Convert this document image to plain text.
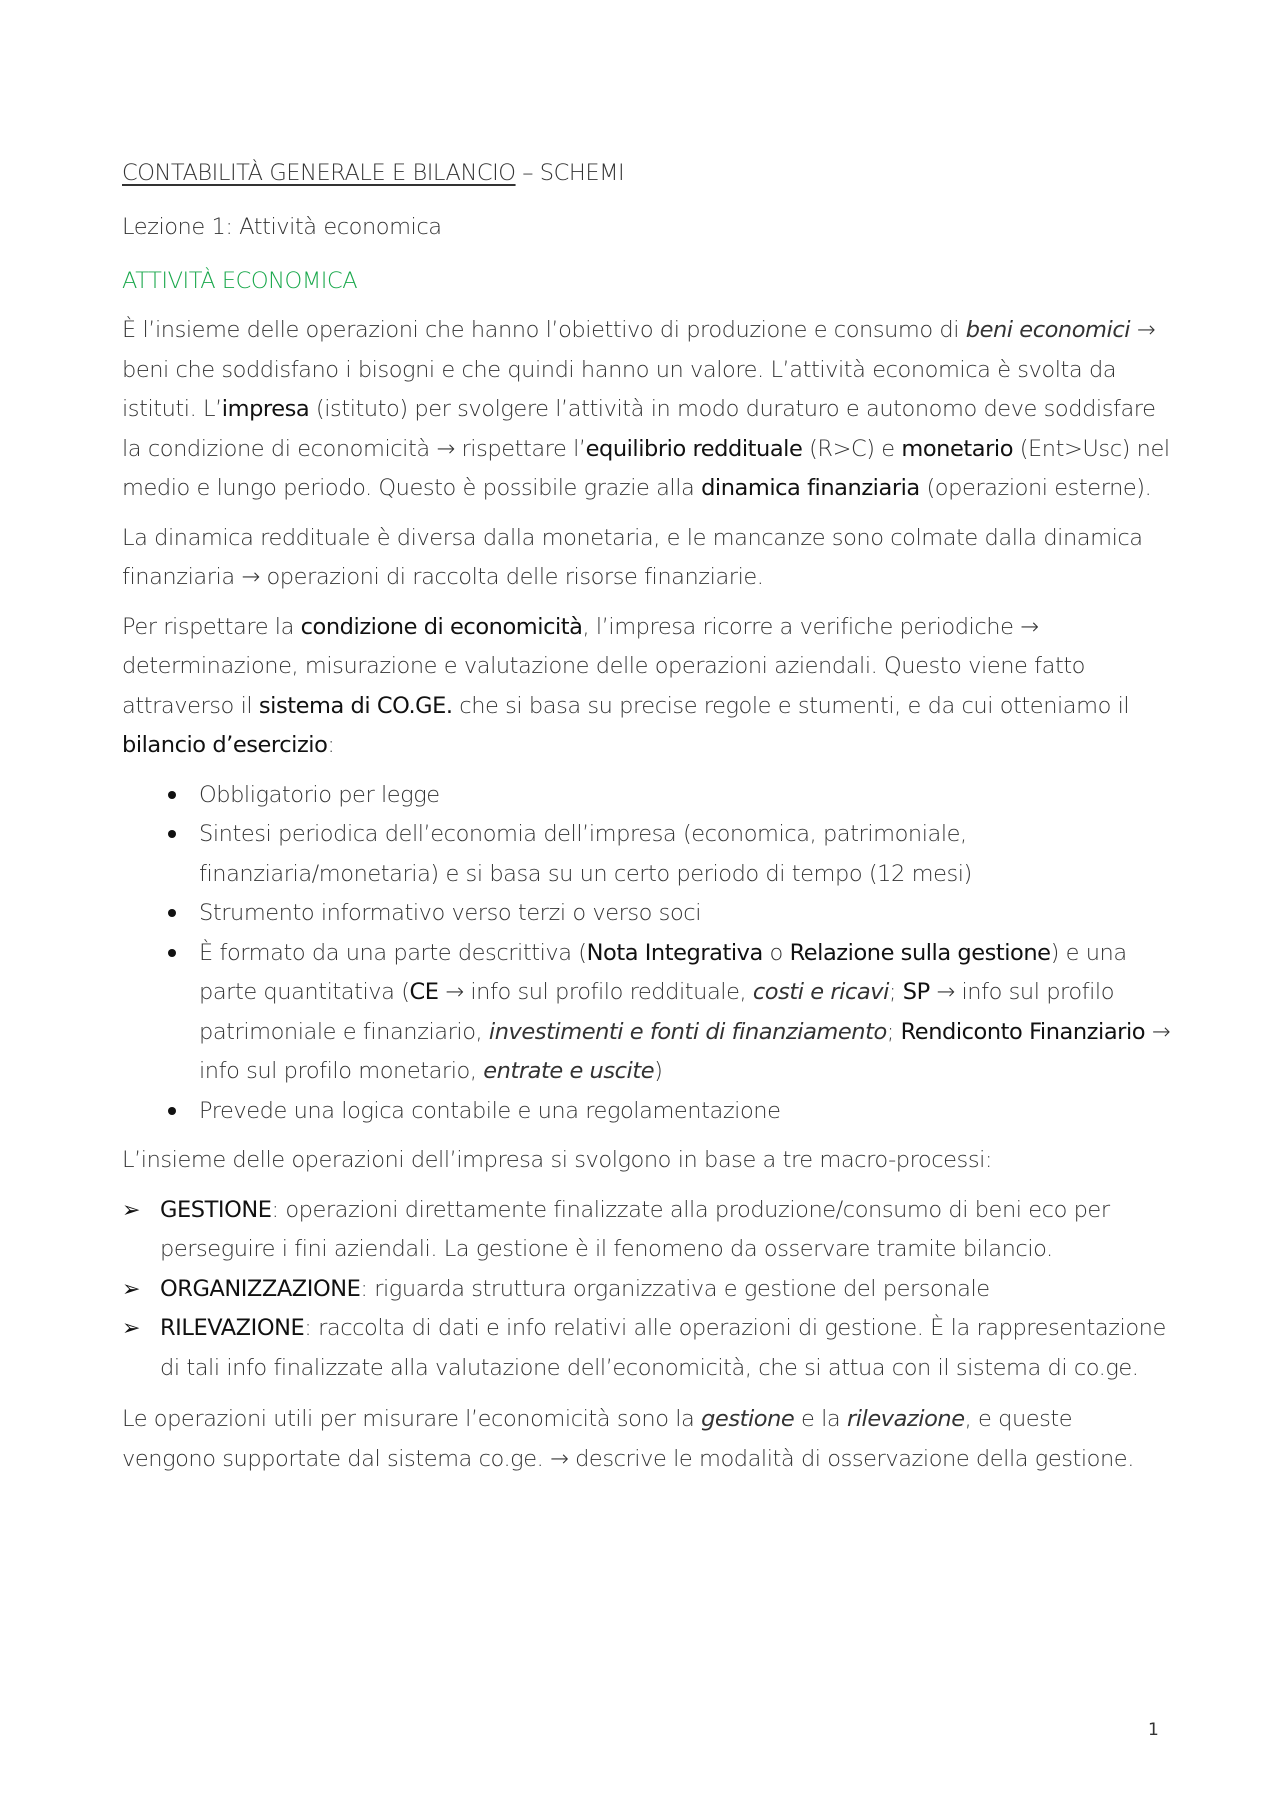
CONTABILITÀ GENERALE E BILANCIO – SCHEMI
Lezione 1: Attività economica
ATTIVITÀ ECONOMICA

È l’insieme delle operazioni che hanno l’obiettivo di produzione e consumo di beni economici → beni che soddisfano i bisogni e che quindi hanno un valore. L’attività economica è svolta da istituti. L’impresa (istituto) per svolgere l’attività in modo duraturo e autonomo deve soddisfare la condizione di economicità → rispettare l’equilibrio reddituale (R>C) e monetario (Ent>Usc) nel medio e lungo periodo. Questo è possibile grazie alla dinamica finanziaria (operazioni esterne).

La dinamica reddituale è diversa dalla monetaria, e le mancanze sono colmate dalla dinamica finanziaria → operazioni di raccolta delle risorse finanziarie.

Per rispettare la condizione di economicità, l’impresa ricorre a verifiche periodiche → determinazione, misurazione e valutazione delle operazioni aziendali. Questo viene fatto attraverso il sistema di CO.GE. che si basa su precise regole e stumenti, e da cui otteniamo il bilancio d’esercizio:

Obbligatorio per legge
Sintesi periodica dell’economia dell’impresa (economica, patrimoniale, finanziaria/monetaria) e si basa su un certo periodo di tempo (12 mesi)
Strumento informativo verso terzi o verso soci
È formato da una parte descrittiva (Nota Integrativa o Relazione sulla gestione) e una parte quantitativa (CE → info sul profilo reddituale, costi e ricavi; SP → info sul profilo patrimoniale e finanziario, investimenti e fonti di finanziamento; Rendiconto Finanziario → info sul profilo monetario, entrate e uscite)
Prevede una logica contabile e una regolamentazione

L’insieme delle operazioni dell’impresa si svolgono in base a tre macro-processi:

➢ GESTIONE: operazioni direttamente finalizzate alla produzione/consumo di beni eco per perseguire i fini aziendali. La gestione è il fenomeno da osservare tramite bilancio.
➢ ORGANIZZAZIONE: riguarda struttura organizzativa e gestione del personale
➢ RILEVAZIONE: raccolta di dati e info relativi alle operazioni di gestione. È la rappresentazione di tali info finalizzate alla valutazione dell’economicità, che si attua con il sistema di co.ge.

Le operazioni utili per misurare l’economicità sono la gestione e la rilevazione, e queste vengono supportate dal sistema co.ge. → descrive le modalità di osservazione della gestione.

1
